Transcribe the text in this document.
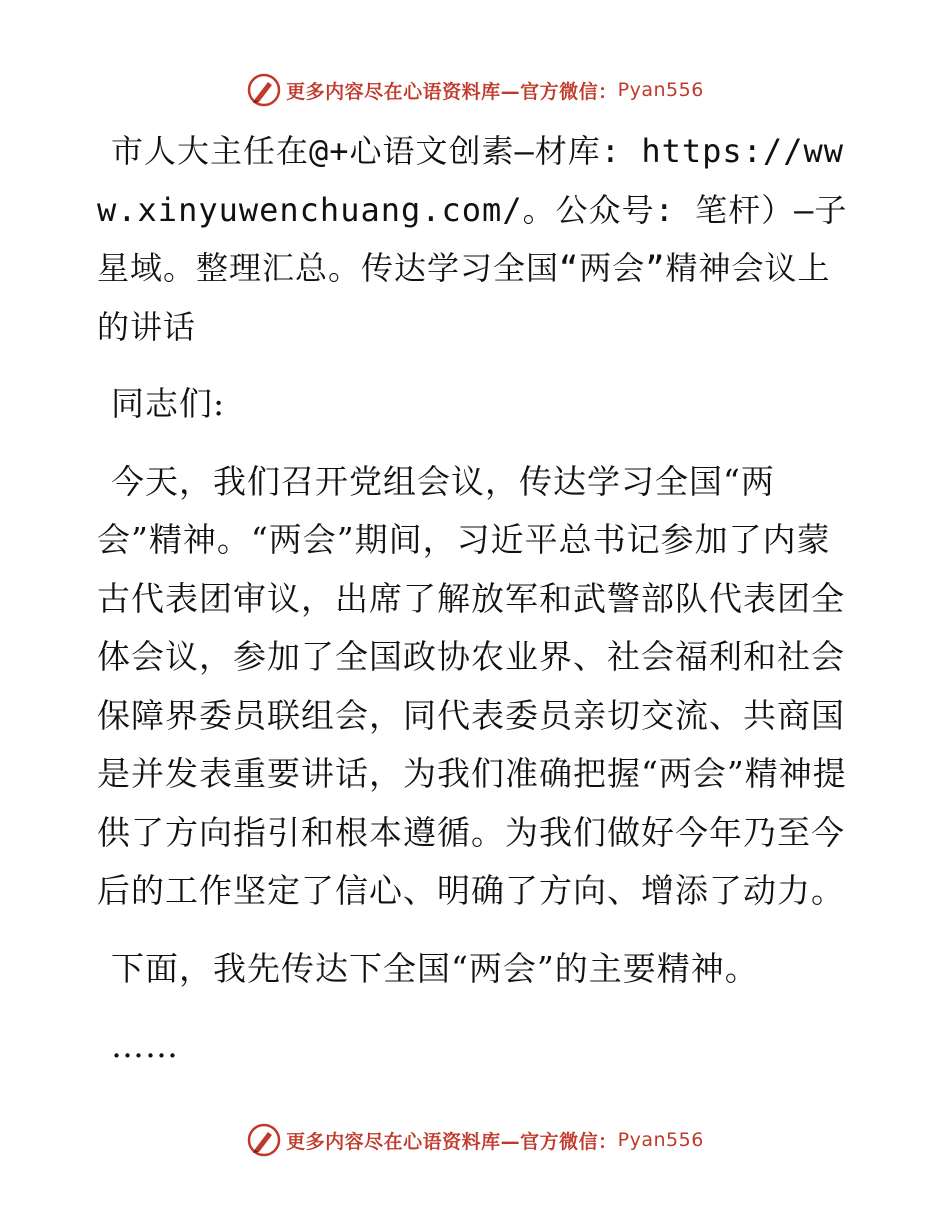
更多内容尽在心语资料库—官方微信： Pyan556

市人大主任在@+心语文创素—材库: https://www.xinyuwenchuang.com/。公众号: 笔杆）—子星域。整理汇总。传达学习全国“两会”精神会议上的讲话

同志们:

今天，我们召开党组会议，传达学习全国“两会”精神。“两会”期间，习近平总书记参加了内蒙古代表团审议，出席了解放军和武警部队代表团全体会议，参加了全国政协农业界、社会福利和社会保障界委员联组会，同代表委员亲切交流、共商国是并发表重要讲话，为我们准确把握“两会”精神提供了方向指引和根本遵循。为我们做好今年乃至今后的工作坚定了信心、明确了方向、增添了动力。

下面，我先传达下全国“两会”的主要精神。

……

更多内容尽在心语资料库—官方微信： Pyan556
